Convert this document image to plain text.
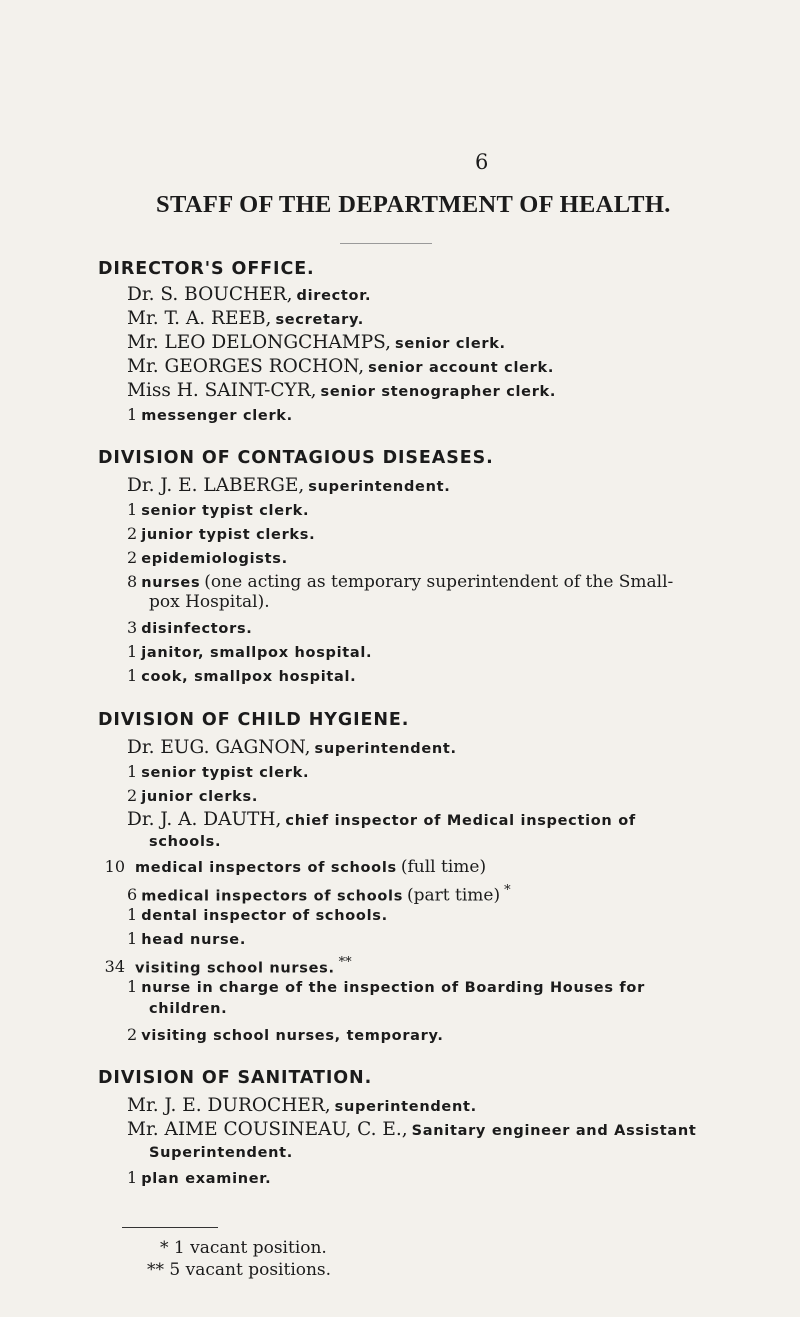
6
STAFF OF THE DEPARTMENT OF HEALTH.
DIRECTOR'S OFFICE.
Dr. S. BOUCHER, director.
Mr. T. A. REEB, secretary.
Mr. LEO DELONGCHAMPS, senior clerk.
Mr. GEORGES ROCHON, senior account clerk.
Miss H. SAINT-CYR, senior stenographer clerk.
1 messenger clerk.
DIVISION OF CONTAGIOUS DISEASES.
Dr. J. E. LABERGE, superintendent.
1 senior typist clerk.
2 junior typist clerks.
2 epidemiologists.
8 nurses (one acting as temporary superintendent of the Small-
pox Hospital).
3 disinfectors.
1 janitor, smallpox hospital.
1 cook, smallpox hospital.
DIVISION OF CHILD HYGIENE.
Dr. EUG. GAGNON, superintendent.
1 senior typist clerk.
2 junior clerks.
Dr. J. A. DAUTH, chief inspector of Medical inspection of
schools.
10 medical inspectors of schools (full time)
6 medical inspectors of schools (part time) *
1 dental inspector of schools.
1 head nurse.
34 visiting school nurses. **
1 nurse in charge of the inspection of Boarding Houses for
children.
2 visiting school nurses, temporary.
DIVISION OF SANITATION.
Mr. J. E. DUROCHER, superintendent.
Mr. AIME COUSINEAU, C. E., Sanitary engineer and Assistant
Superintendent.
1 plan examiner.
* 1 vacant position.
** 5 vacant positions.
